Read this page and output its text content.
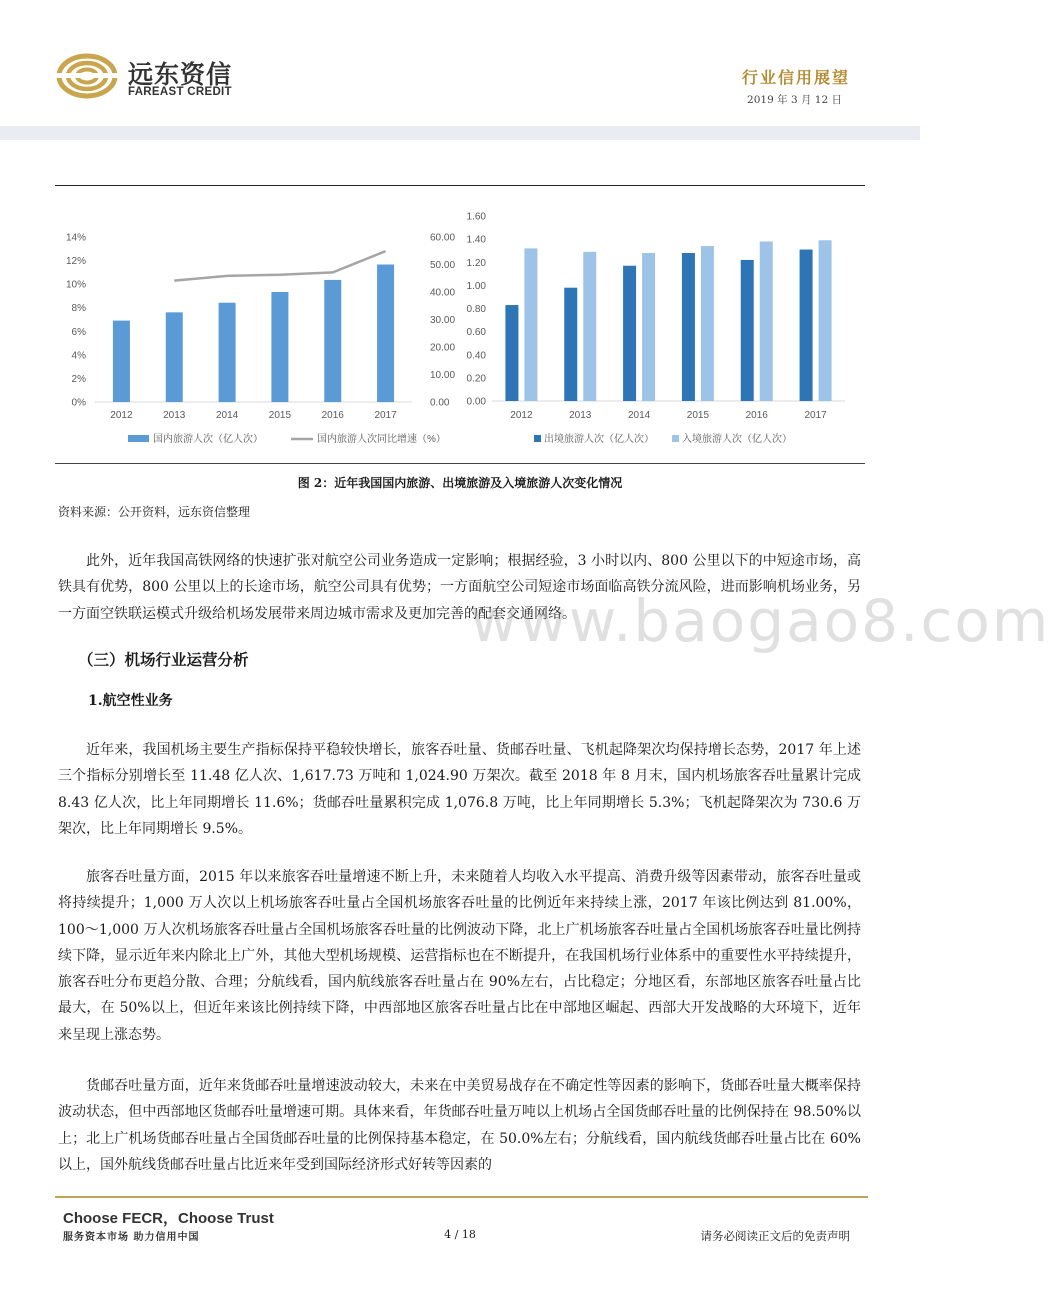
远东资信
FAREAST CREDIT
行业信用展望
2019 年 3 月 12 日
0%
2%
4%
6%
8%
10%
12%
14%
0.00
10.00
20.00
30.00
40.00
50.00
60.00
2012	2013	2014	2015	2016	2017
国内旅游人次（亿人次）	国内旅游人次同比增速（%）
0.00
0.20
0.40
0.60
0.80
1.00
1.20
1.40
1.60
2012	2013	2014	2015	2016	2017
出境旅游人次（亿人次）	入境旅游人次（亿人次）
图 2：近年我国国内旅游、出境旅游及入境旅游人次变化情况
资料来源：公开资料，远东资信整理

此外，近年我国高铁网络的快速扩张对航空公司业务造成一定影响；根据经验，3 小时以内、800 公里以下的中短途市场，高铁具有优势，800 公里以上的长途市场，航空公司具有优势；一方面航空公司短途市场面临高铁分流风险，进而影响机场业务，另一方面空铁联运模式升级给机场发展带来周边城市需求及更加完善的配套交通网络。

www.baogao8.com
（三）机场行业运营分析
1.航空性业务

近年来，我国机场主要生产指标保持平稳较快增长，旅客吞吐量、货邮吞吐量、飞机起降架次均保持增长态势，2017 年上述三个指标分别增长至 11.48 亿人次、1,617.73 万吨和 1,024.90 万架次。截至 2018 年 8 月末，国内机场旅客吞吐量累计完成 8.43 亿人次，比上年同期增长 11.6%；货邮吞吐量累积完成 1,076.8 万吨，比上年同期增长 5.3%；飞机起降架次为 730.6 万架次，比上年同期增长 9.5%。

旅客吞吐量方面，2015 年以来旅客吞吐量增速不断上升，未来随着人均收入水平提高、消费升级等因素带动，旅客吞吐量或将持续提升；1,000 万人次以上机场旅客吞吐量占全国机场旅客吞吐量的比例近年来持续上涨，2017 年该比例达到 81.00%，100～1,000 万人次机场旅客吞吐量占全国机场旅客吞吐量的比例波动下降，北上广机场旅客吞吐量占全国机场旅客吞吐量比例持续下降，显示近年来内除北上广外，其他大型机场规模、运营指标也在不断提升，在我国机场行业体系中的重要性水平持续提升，旅客吞吐分布更趋分散、合理；分航线看，国内航线旅客吞吐量占在 90%左右，占比稳定；分地区看，东部地区旅客吞吐量占比最大，在 50%以上，但近年来该比例持续下降，中西部地区旅客吞吐量占比在中部地区崛起、西部大开发战略的大环境下，近年来呈现上涨态势。

货邮吞吐量方面，近年来货邮吞吐量增速波动较大，未来在中美贸易战存在不确定性等因素的影响下，货邮吞吐量大概率保持波动状态，但中西部地区货邮吞吐量增速可期。具体来看，年货邮吞吐量万吨以上机场占全国货邮吞吐量的比例保持在 98.50%以上；北上广机场货邮吞吐量占全国货邮吞吐量的比例保持基本稳定，在 50.0%左右；分航线看，国内航线货邮吞吐量占比在 60%以上，国外航线货邮吞吐量占比近来年受到国际经济形式好转等因素的

Choose FECR，Choose Trust
服务资本市场 助力信用中国	4 / 18	请务必阅读正文后的免责声明
